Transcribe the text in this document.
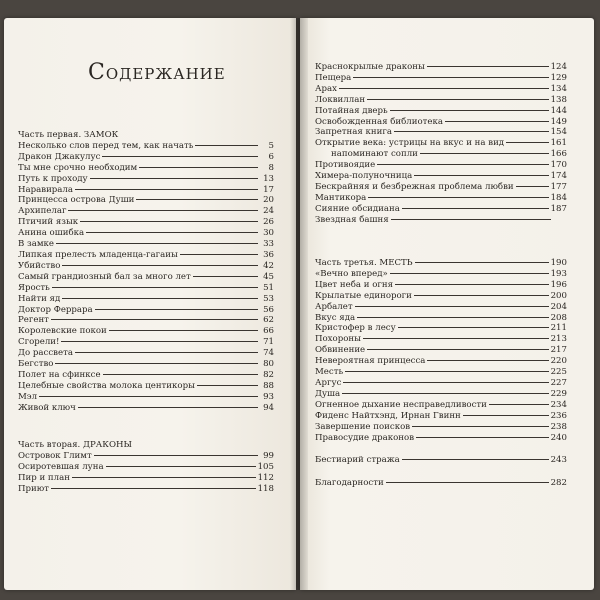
Содержание
Часть первая. ЗАМОК
Несколько слов перед тем, как начать	5
Дракон Джакулус	6
Ты мне срочно необходим	8
Путь к проходу	13
Наравирала	17
Принцесса острова Души	20
Архипелаг	24
Птичий язык	26
Анина ошибка	30
В замке	33
Липкая прелесть младенца-гагаиы	36
Убийство	42
Самый грандиозный бал за много лет	45
Ярость	51
Найти яд	53
Доктор Феррара	56
Регент	62
Королевские покои	66
Сгорели!	71
До рассвета	74
Бегство	80
Полет на сфинксе	82
Целебные свойства молока центикоры	88
Мэл	93
Живой ключ	94
Часть вторая. ДРАКОНЫ
Островок Глимт	99
Осиротевшая луна	105
Пир и план	112
Приют	118
Краснокрылые драконы	124
Пещера	129
Арах	134
Локвиллан	138
Потайная дверь	144
Освобожденная библиотека	149
Запретная книга	154
Открытие века: устрицы на вкус и на вид	161
напоминают сопли	166
Противоядие	170
Химера-полуночница	174
Бескрайняя и безбрежная проблема любви	177
Мантикора	184
Сияние обсидиана	187
Звездная башня
Часть третья. МЕСТЬ	190
«Вечно вперед»	193
Цвет неба и огня	196
Крылатые единороги	200
Арбалет	204
Вкус яда	208
Кристофер в лесу	211
Похороны	213
Обвинение	217
Невероятная принцесса	220
Месть	225
Аргус	227
Душа	229
Огненное дыхание несправедливости	234
Фиденс Найтхэнд, Ирнан Гвинн	236
Завершение поисков	238
Правосудие драконов	240
Бестиарий стража	243
Благодарности	282
